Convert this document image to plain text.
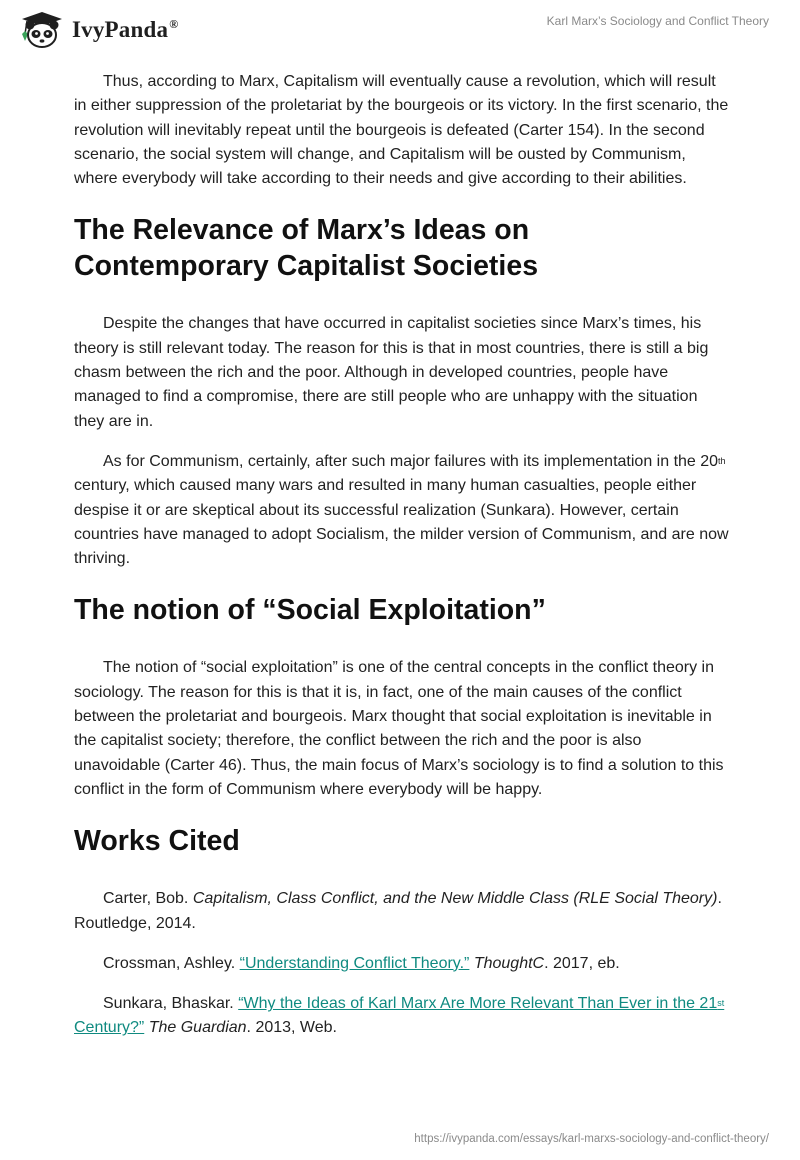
IvyPanda®	Karl Marx’s Sociology and Conflict Theory

Thus, according to Marx, Capitalism will eventually cause a revolution, which will result in either suppression of the proletariat by the bourgeois or its victory. In the first scenario, the revolution will inevitably repeat until the bourgeois is defeated (Carter 154). In the second scenario, the social system will change, and Capitalism will be ousted by Communism, where everybody will take according to their needs and give according to their abilities.

The Relevance of Marx’s Ideas on
Contemporary Capitalist Societies

Despite the changes that have occurred in capitalist societies since Marx’s times, his theory is still relevant today. The reason for this is that in most countries, there is still a big chasm between the rich and the poor. Although in developed countries, people have managed to find a compromise, there are still people who are unhappy with the situation they are in.

As for Communism, certainly, after such major failures with its implementation in the 20th century, which caused many wars and resulted in many human casualties, people either despise it or are skeptical about its successful realization (Sunkara). However, certain countries have managed to adopt Socialism, the milder version of Communism, and are now thriving.

The notion of “Social Exploitation”

The notion of “social exploitation” is one of the central concepts in the conflict theory in sociology. The reason for this is that it is, in fact, one of the main causes of the conflict between the proletariat and bourgeois. Marx thought that social exploitation is inevitable in the capitalist society; therefore, the conflict between the rich and the poor is also unavoidable (Carter 46). Thus, the main focus of Marx’s sociology is to find a solution to this conflict in the form of Communism where everybody will be happy.

Works Cited

Carter, Bob. Capitalism, Class Conflict, and the New Middle Class (RLE Social Theory). Routledge, 2014.

Crossman, Ashley. “Understanding Conflict Theory.” ThoughtC. 2017, eb.

Sunkara, Bhaskar. “Why the Ideas of Karl Marx Are More Relevant Than Ever in the 21st Century?” The Guardian. 2013, Web.

https://ivypanda.com/essays/karl-marxs-sociology-and-conflict-theory/
